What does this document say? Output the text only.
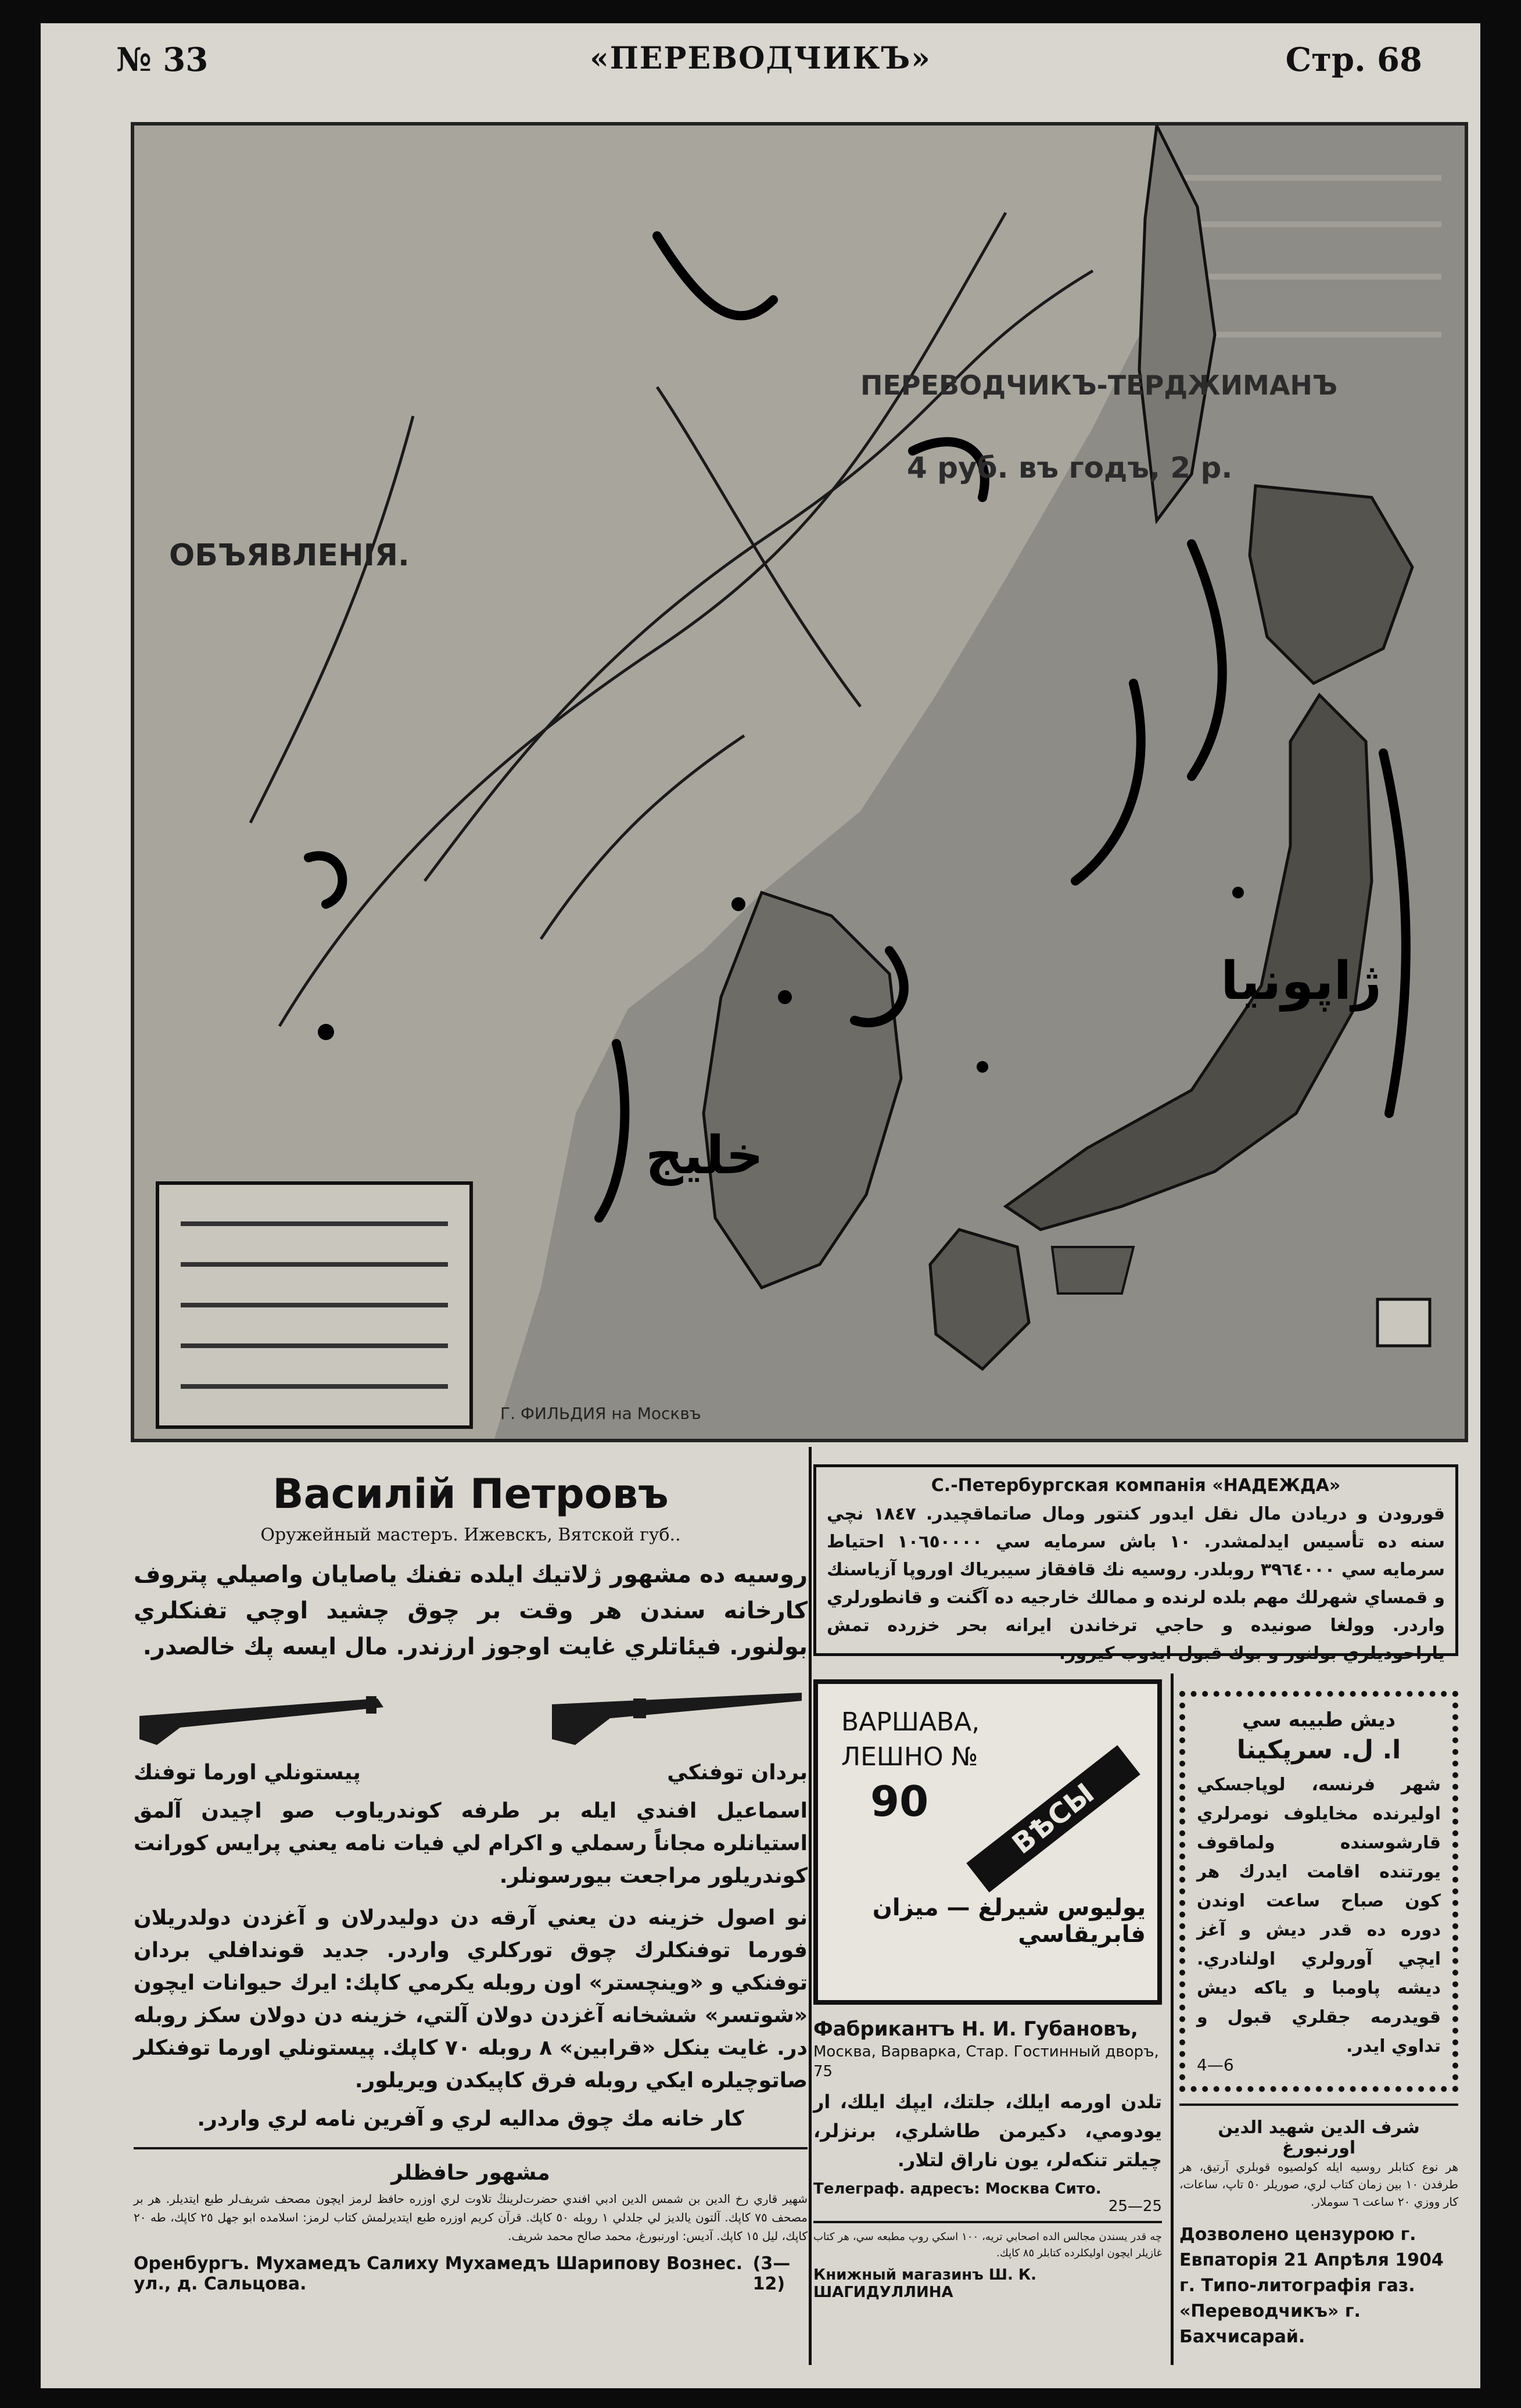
№ 33	«ПЕРЕВОДЧИКЪ»	Стр. 68
ОБЪЯВЛЕНІЯ.
ПЕРЕВОДЧИКЪ-ТЕРДЖИМАНЪ
4 руб. въ годъ, 2 р.
Г. ФИЛЬДИЯ на Москвъ
خليج
ژاپونيا
Василій Петровъ
Оружейный мастеръ. Ижевскъ, Вятской губ..
روسيه ده مشهور ژلاتيك ايلده تفنك ياصايان واصيلي پتروف كارخانه سندن هر وقت بر چوق چشيد اوچي تفنكلري بولنور. فيئاتلري غايت اوجوز ارزندر. مال ايسه پك خالصدر.
پيستونلي اورما توفنك	بردان توفنكي
اسماعيل افندي ايله بر طرفه كوندرياوب صو اچيدن آلمق استيانلره مجاناً رسملي و اكرام لي فيات نامه يعني پرايس كورانت كوندريلور مراجعت بيورسونلر.
نو اصول خزينه دن يعني آرقه دن دوليدرلان و آغزدن دولدريلان فورما توفنكلرك چوق توركلري واردر. جديد قوندافلي بردان توفنكي و «وينچستر» اون روبله يكرمي كاپك: ايرك حيوانات ايچون «شوتسر» ششخانه آغزدن دولان آلتي، خزينه دن دولان سكز روبله در. غايت ينكل «قرابين» ٨ روبله ٧٠ كاپك. پيستونلي اورما توفنكلر صاتوچيلره ايكي روبله فرق كاپيكدن ويريلور.
كار خانه مك چوق مداليه لري و آفرين نامه لري واردر.
مشهور حافظلر
شهير قاري رخ الدين بن شمس الدين ادبي افندي حضرت‌لرينڭ تلاوت لري اوزره حافظ لرمز ايچون مصحف شريف‌لر طبع ايتديلر. هر بر مصحف ٧٥ كاپك. آلتون يالديز لي جلدلي ١ روبله ٥٠ كاپك. قرآن كريم اوزره طبع ايتديرلمش كتاب لرمز: اسلامده ابو جهل ٢٥ كاپك، طه ٢٠ كاپك، ليل ١٥ كاپك. آديس: اورنبورغ، محمد صالح محمد شريف.
Оренбургъ. Мухамедъ Салиху Мухамедъ Шарипову Вознес. ул., д. Сальцова.
(3—12)
С.-Петербургская компанія «НАДЕЖДА»
قورودن و دريادن مال نقل ايدور كنتور ومال صاتماقچيدر. ١٨٤٧ نچي سنه ده تأسيس ايدلمشدر. ١٠ باش سرمايه سي ١٠٦٥٠٠٠٠ احتياط سرمايه سي ٣٩٦٤٠٠٠ روبلدر. روسيه نك قافقاز سيبرياك اوروپا آزياسنك و قمساي شهرلك مهم بلده لرنده و ممالك خارجيه ده آگنت و قانطورلري واردر. وولغا صونيده و حاجي ترخاندن ايرانه بحر خزرده تمش ياراحوديلري بولنور و بوك قبول ايدوب كيرور.
ВАРШАВА,
ЛЕШНО №
90	ВѢСЫ
يوليوس شيرلغ — ميزان فابريقاسي
Фабрикантъ Н. И. Губановъ,
Москва, Варварка, Стар. Гостинный дворъ, 75
تلدن اورمه ايلك، جلتك، ايپك ايلك، ار يودومي، دكيرمن طاشلري، برنزلر، چيلتر تنكه‌لر، يون ناراق لتلار.
Телеграф. адресъ: Москва Сито.
25—25
چه قدر يسندن مجالس الده اصحابي تريه، ١٠٠ اسكي روپ مطبعه سي، هر كتاب غازيلر ايچون اوليكلرده كتابلر ٨٥ كاپك.
Книжный магазинъ Ш. К. ШАГИДУЛЛИНА
ديش طبيبه سي
ا. ل. سرپكينا
شهر فرنسه، لوپاجسكي اوليرنده مخايلوف نومرلري قارشوسنده ولماقوف يورتنده اقامت ايدرك هر كون صباح ساعت اوندن دوره ده قدر ديش و آغز ايچي آورولري اولنادري. ديشه پاومبا و ياكه ديش قويدرمه جقلري قبول و تداوي ايدر.
4—6
شرف الدين شهيد الدين اورنبورغ
هر نوع كتابلر روسيه ايله كولصيوه قوبلري آرتيق، هر طرفدن ١٠ بين زمان كتاب لري، صوريلر ٥٠ تاپ، ساعات، كار ووزي ٢٠ ساعت ٦ سوملار.
Дозволено цензурою г. Евпаторія 21 Апрѣля 1904 г. Типо-литографія газ. «Переводчикъ» г. Бахчисарай.
